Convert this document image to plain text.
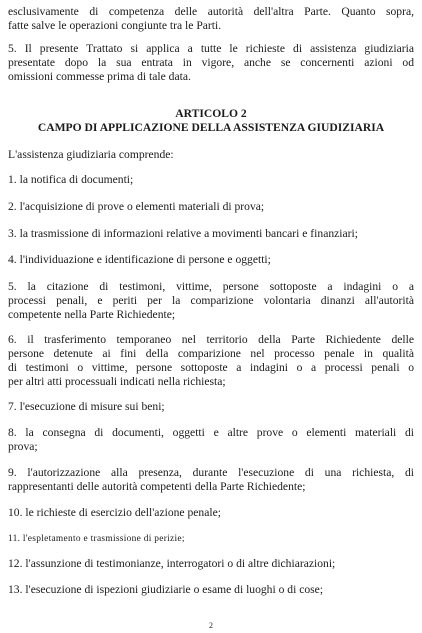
esclusivamente di competenza delle autorità dell'altra Parte. Quanto sopra,
fatte salve le operazioni congiunte tra le Parti.
5. Il presente Trattato si applica a tutte le richieste di assistenza giudiziaria
presentate dopo la sua entrata in vigore, anche se concernenti azioni od
omissioni commesse prima di tale data.
ARTICOLO 2
CAMPO DI APPLICAZIONE DELLA ASSISTENZA GIUDIZIARIA
L'assistenza giudiziaria comprende:
1. la notifica di documenti;
2. l'acquisizione di prove o elementi materiali di prova;
3. la trasmissione di informazioni relative a movimenti bancari e finanziari;
4. l'individuazione e identificazione di persone e oggetti;
5. la citazione di testimoni, vittime, persone sottoposte a indagini o a
processi penali, e periti per la comparizione volontaria dinanzi all'autorità
competente nella Parte Richiedente;
6. il trasferimento temporaneo nel territorio della Parte Richiedente delle
persone detenute ai fini della comparizione nel processo penale in qualità
di testimoni o vittime, persone sottoposte a indagini o a processi penali o
per altri atti processuali indicati nella richiesta;
7. l'esecuzione di misure sui beni;
8. la consegna di documenti, oggetti e altre prove o elementi materiali di
prova;
9. l'autorizzazione alla presenza, durante l'esecuzione di una richiesta, di
rappresentanti delle autorità competenti della Parte Richiedente;
10. le richieste di esercizio dell'azione penale;
11. l'espletamento e trasmissione di perizie;
12. l'assunzione di testimonianze, interrogatori o di altre dichiarazioni;
13. l'esecuzione di ispezioni giudiziarie o esame di luoghi o di cose;
2
